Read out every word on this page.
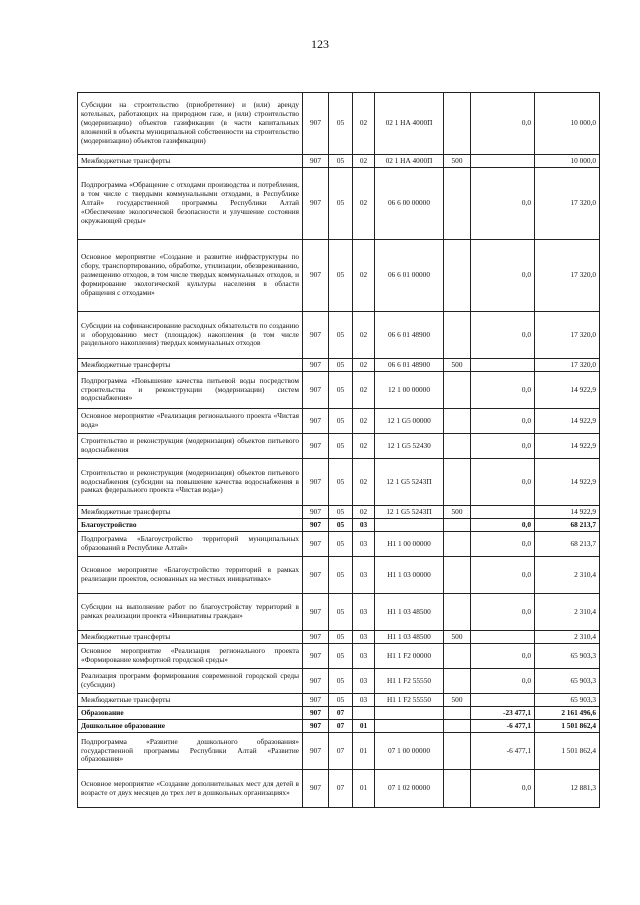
123
Субсидии на строительство (приобретение) и (или) аренду котельных, работающих на природном газе, и (или) строительство (модернизацию) объектов газификации (в части капитальных вложений в объекты муниципальной собственности на строительство (модернизацию) объектов газификации)	907	05	02	02 1 НА 4000П		0,0	10 000,0
Межбюджетные трансферты	907	05	02	02 1 НА 4000П	500		10 000,0
Подпрограмма «Обращение с отходами производства и потребления, в том числе с твердыми коммунальными отходами, в Республике Алтай» государственной программы Республики Алтай «Обеспечение экологической безопасности и улучшение состояния окружающей среды»	907	05	02	06 6 00 00000		0,0	17 320,0
Основное мероприятие «Создание и развитие инфраструктуры по сбору, транспортированию, обработке, утилизации, обезвреживанию, размещению отходов, в том числе твердых коммунальных отходов, и формирование экологической культуры населения в области обращения с отходами»	907	05	02	06 6 01 00000		0,0	17 320,0
Субсидии на софинансирование расходных обязательств по созданию и оборудованию мест (площадок) накопления (в том числе раздельного накопления) твердых коммунальных отходов	907	05	02	06 6 01 48900		0,0	17 320,0
Межбюджетные трансферты	907	05	02	06 6 01 48900	500		17 320,0
Подпрограмма «Повышение качества питьевой воды посредством строительства и реконструкции (модернизации) систем водоснабжения»	907	05	02	12 1 00 00000		0,0	14 922,9
Основное мероприятие «Реализация регионального проекта «Чистая вода»	907	05	02	12 1 G5 00000		0,0	14 922,9
Строительство и реконструкция (модернизация) объектов питьевого водоснабжения	907	05	02	12 1 G5 52430		0,0	14 922,9
Строительство и реконструкция (модернизация) объектов питьевого водоснабжения (субсидии на повышение качества водоснабжения в рамках федерального проекта «Чистая вода»)	907	05	02	12 1 G5 5243П		0,0	14 922,9
Межбюджетные трансферты	907	05	02	12 1 G5 5243П	500		14 922,9
Благоустройство	907	05	03			0,0	68 213,7
Подпрограмма «Благоустройство территорий муниципальных образований в Республике Алтай»	907	05	03	Н1 1 00 00000		0,0	68 213,7
Основное мероприятие «Благоустройство территорий в рамках реализации проектов, основанных на местных инициативах»	907	05	03	Н1 1 03 00000		0,0	2 310,4
Субсидии на выполнение работ по благоустройству территорий в рамках реализации проекта «Инициативы граждан»	907	05	03	Н1 1 03 48500		0,0	2 310,4
Межбюджетные трансферты	907	05	03	Н1 1 03 48500	500		2 310,4
Основное мероприятие «Реализация регионального проекта «Формирование комфортной городской среды»	907	05	03	Н1 1 F2 00000		0,0	65 903,3
Реализация программ формирования современной городской среды (субсидии)	907	05	03	Н1 1 F2 55550		0,0	65 903,3
Межбюджетные трансферты	907	05	03	Н1 1 F2 55550	500		65 903,3
Образование	907	07				-23 477,1	2 161 496,6
Дошкольное образование	907	07	01			-6 477,1	1 501 862,4
Подпрограмма «Развитие дошкольного образования» государственной программы Республики Алтай «Развитие образования»	907	07	01	07 1 00 00000		-6 477,1	1 501 862,4
Основное мероприятие «Создание дополнительных мест для детей в возрасте от двух месяцев до трех лет в дошкольных организациях»	907	07	01	07 1 02 00000		0,0	12 881,3
